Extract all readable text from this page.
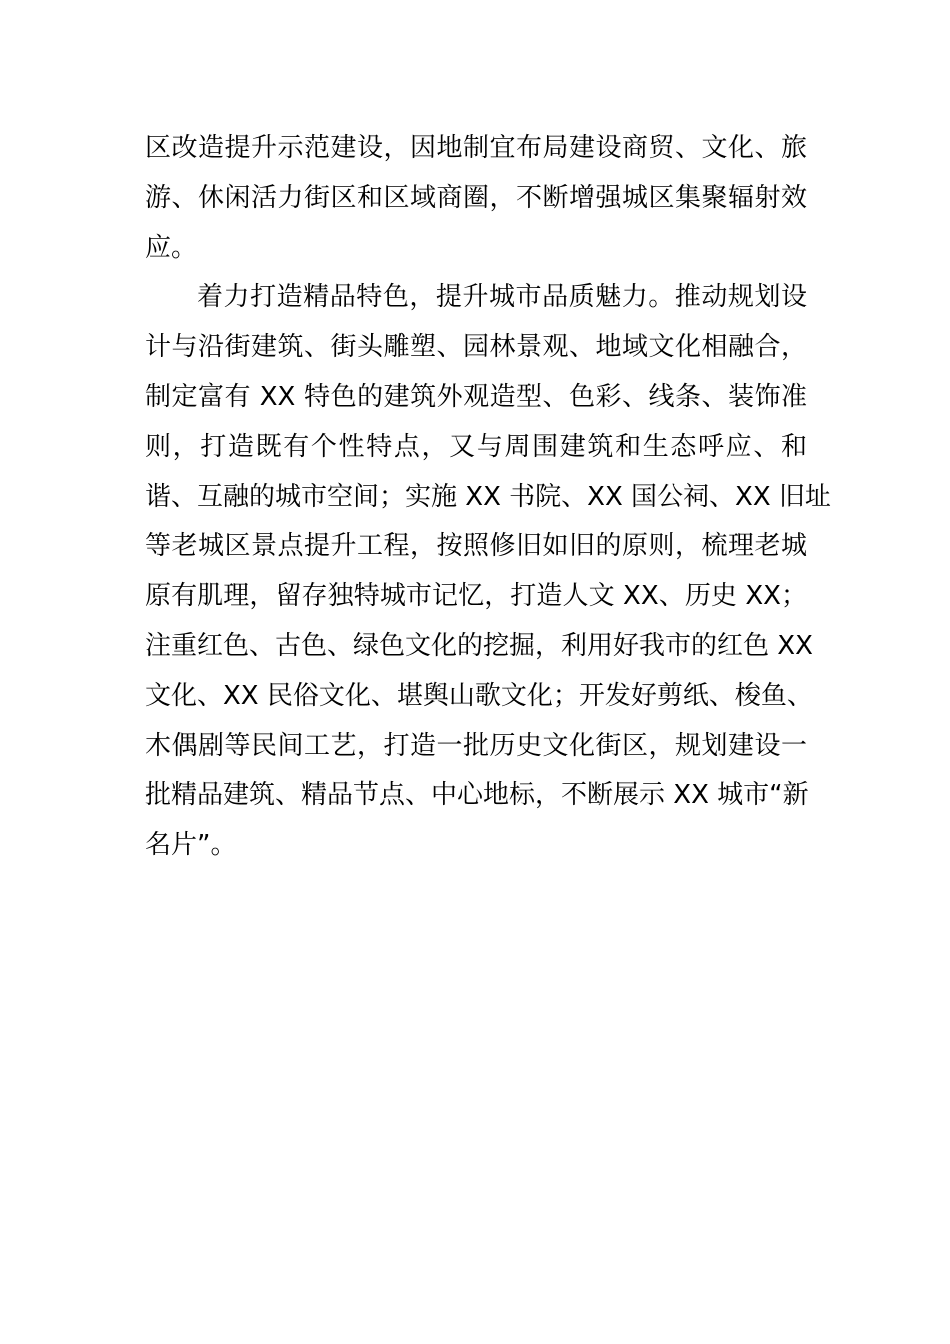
区改造提升示范建设，因地制宜布局建设商贸、文化、旅
游、休闲活力街区和区域商圈，不断增强城区集聚辐射效
应。
着力打造精品特色，提升城市品质魅力。推动规划设
计与沿街建筑、街头雕塑、园林景观、地域文化相融合，
制定富有 XX 特色的建筑外观造型、色彩、线条、装饰准
则，打造既有个性特点，又与周围建筑和生态呼应、和
谐、互融的城市空间；实施 XX 书院、XX 国公祠、XX 旧址
等老城区景点提升工程，按照修旧如旧的原则，梳理老城
原有肌理，留存独特城市记忆，打造人文 XX、历史 XX；
注重红色、古色、绿色文化的挖掘，利用好我市的红色 XX
文化、XX 民俗文化、堪舆山歌文化；开发好剪纸、梭鱼、
木偶剧等民间工艺，打造一批历史文化街区，规划建设一
批精品建筑、精品节点、中心地标，不断展示 XX 城市“新
名片”。
